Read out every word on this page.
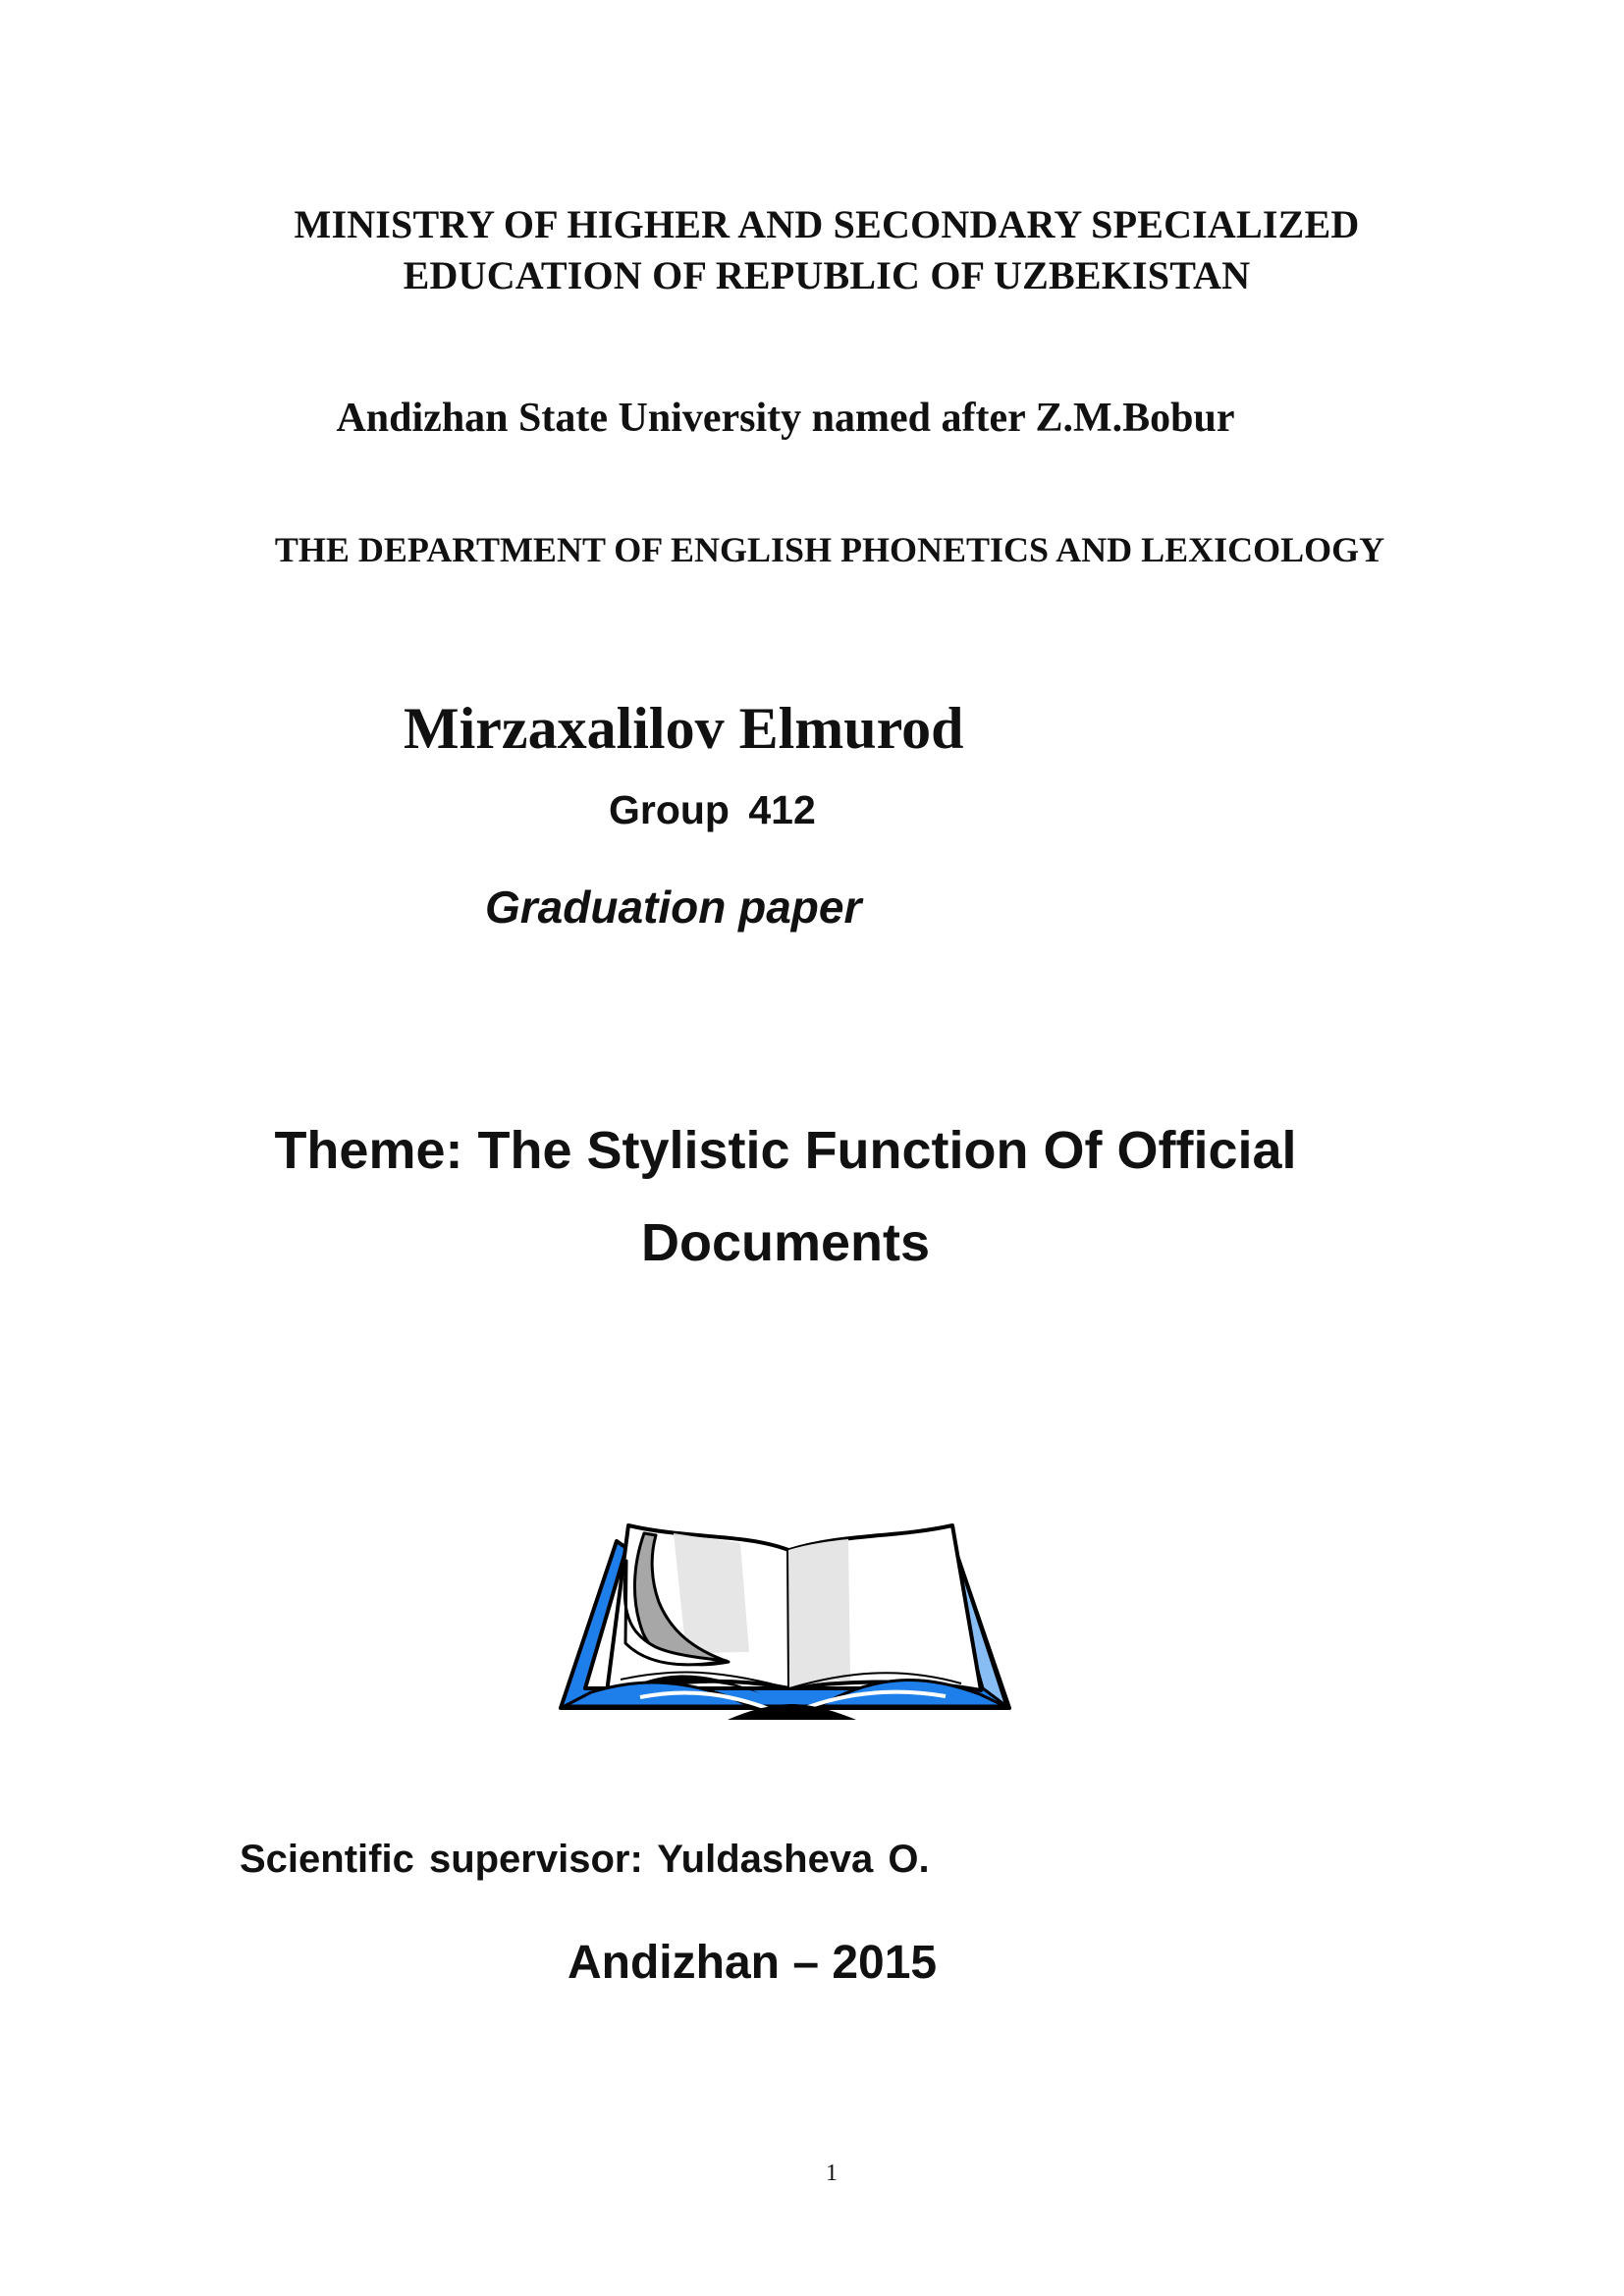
MINISTRY OF HIGHER AND SECONDARY SPECIALIZED
EDUCATION OF REPUBLIC OF UZBEKISTAN
Andizhan State University named after Z.M.Bobur
THE DEPARTMENT OF ENGLISH PHONETICS AND LEXICOLOGY
Mirzaxalilov Elmurod
Group 412
Graduation paper
Theme: The Stylistic Function Of Official
Documents
Scientific supervisor: Yuldasheva O.
Andizhan – 2015
1
